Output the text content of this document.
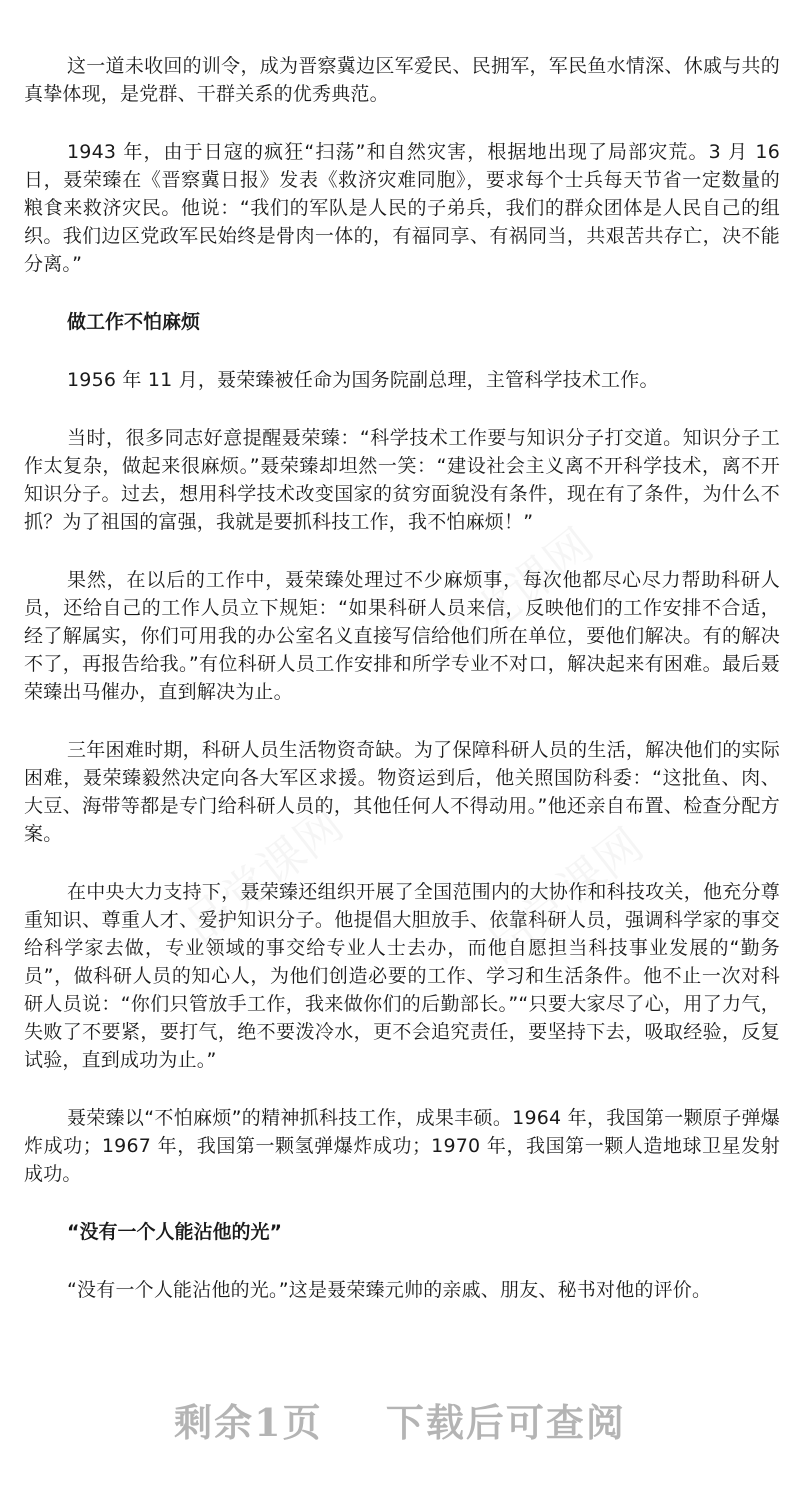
品党课网
品党课网	品党课网

这一道未收回的训令，成为晋察冀边区军爱民、民拥军，军民鱼水情深、休戚与共的真挚体现，是党群、干群关系的优秀典范。

1943 年，由于日寇的疯狂“扫荡”和自然灾害，根据地出现了局部灾荒。3 月 16 日，聂荣臻在《晋察冀日报》发表《救济灾难同胞》，要求每个士兵每天节省一定数量的粮食来救济灾民。他说：“我们的军队是人民的子弟兵，我们的群众团体是人民自己的组织。我们边区党政军民始终是骨肉一体的，有福同享、有祸同当，共艰苦共存亡，决不能分离。”

做工作不怕麻烦

1956 年 11 月，聂荣臻被任命为国务院副总理，主管科学技术工作。

当时，很多同志好意提醒聂荣臻：“科学技术工作要与知识分子打交道。知识分子工作太复杂，做起来很麻烦。”聂荣臻却坦然一笑：“建设社会主义离不开科学技术，离不开知识分子。过去，想用科学技术改变国家的贫穷面貌没有条件，现在有了条件，为什么不抓？为了祖国的富强，我就是要抓科技工作，我不怕麻烦！”

果然，在以后的工作中，聂荣臻处理过不少麻烦事，每次他都尽心尽力帮助科研人员，还给自己的工作人员立下规矩：“如果科研人员来信，反映他们的工作安排不合适，经了解属实，你们可用我的办公室名义直接写信给他们所在单位，要他们解决。有的解决不了，再报告给我。”有位科研人员工作安排和所学专业不对口，解决起来有困难。最后聂荣臻出马催办，直到解决为止。

三年困难时期，科研人员生活物资奇缺。为了保障科研人员的生活，解决他们的实际困难，聂荣臻毅然决定向各大军区求援。物资运到后，他关照国防科委：“这批鱼、肉、大豆、海带等都是专门给科研人员的，其他任何人不得动用。”他还亲自布置、检查分配方案。

在中央大力支持下，聂荣臻还组织开展了全国范围内的大协作和科技攻关，他充分尊重知识、尊重人才、爱护知识分子。他提倡大胆放手、依靠科研人员，强调科学家的事交给科学家去做，专业领域的事交给专业人士去办，而他自愿担当科技事业发展的“勤务员”，做科研人员的知心人，为他们创造必要的工作、学习和生活条件。他不止一次对科研人员说：“你们只管放手工作，我来做你们的后勤部长。”“只要大家尽了心，用了力气，失败了不要紧，要打气，绝不要泼冷水，更不会追究责任，要坚持下去，吸取经验，反复试验，直到成功为止。”

聂荣臻以“不怕麻烦”的精神抓科技工作，成果丰硕。1964 年，我国第一颗原子弹爆炸成功；1967 年，我国第一颗氢弹爆炸成功；1970 年，我国第一颗人造地球卫星发射成功。

“没有一个人能沾他的光”

“没有一个人能沾他的光。”这是聂荣臻元帅的亲戚、朋友、秘书对他的评价。

剩余1页 下载后可查阅
